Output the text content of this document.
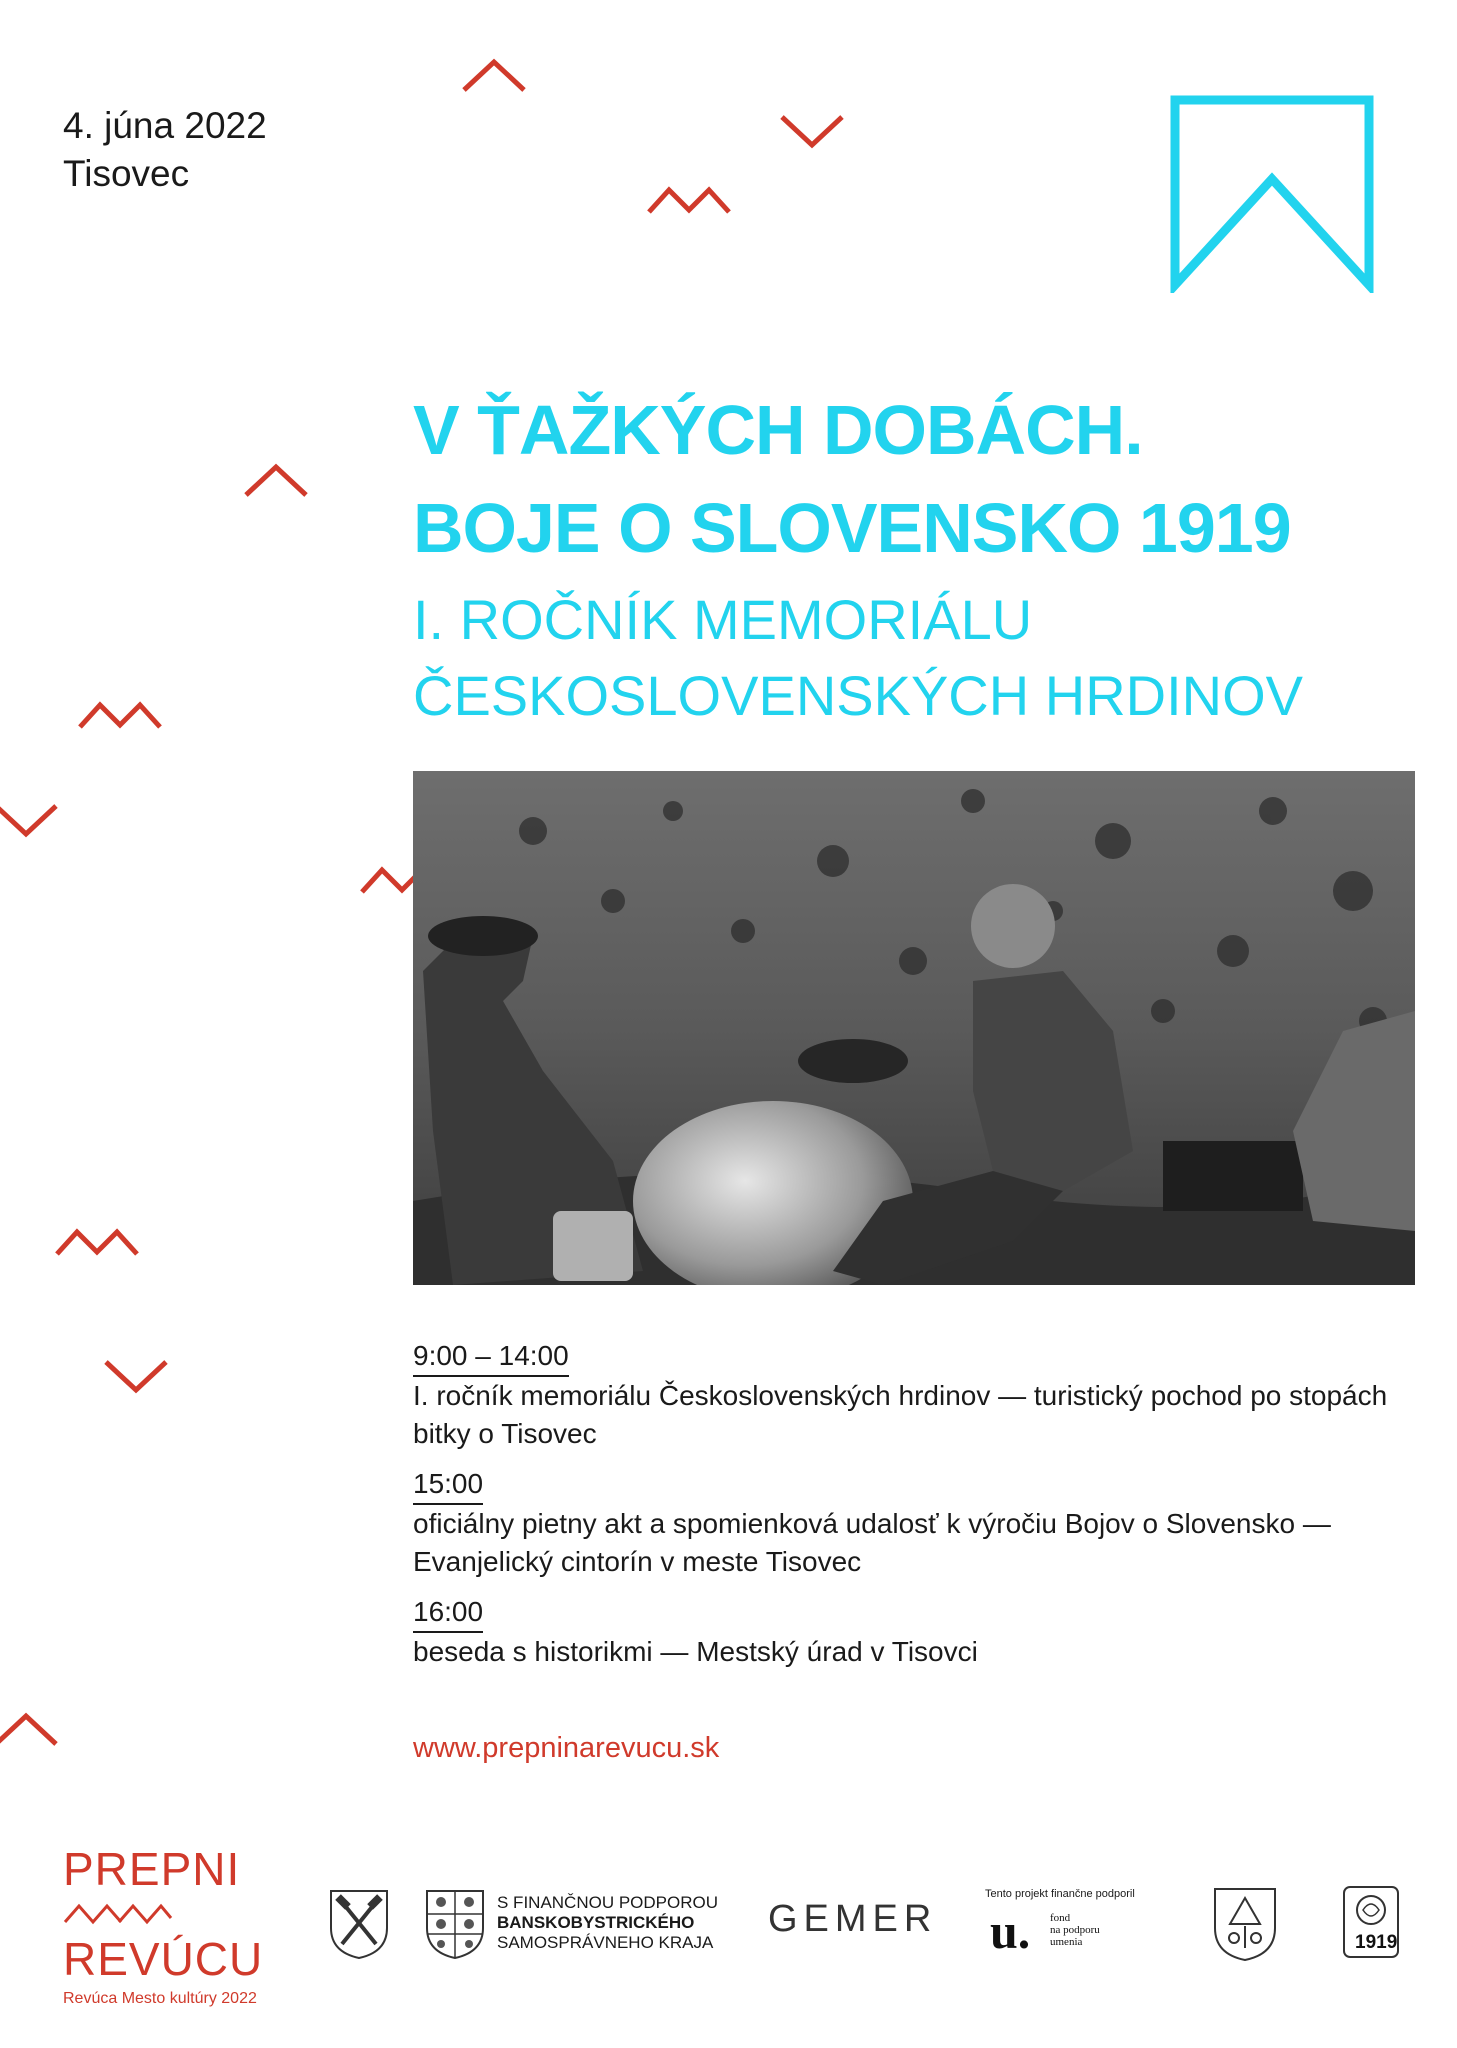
4. júna 2022
Tisovec
V ŤAŽKÝCH DOBÁCH.
BOJE O SLOVENSKO 1919
I. ROČNÍK MEMORIÁLU
ČESKOSLOVENSKÝCH HRDINOV
9:00 – 14:00
I. ročník memoriálu Československých hrdinov — turistický pochod po stopách bitky o Tisovec
15:00
oficiálny pietny akt a spomienková udalosť k výročiu Bojov o Slovensko — Evanjelický cintorín v meste Tisovec
16:00
beseda s historikmi — Mestský úrad v Tisovci
www.prepninarevucu.sk
PREPNI
REVÚCU
Revúca Mesto kultúry 2022
S FINANČNOU PODPOROU
BANSKOBYSTRICKÉHO
SAMOSPRÁVNEHO KRAJA
GEMER
Tento projekt finančne podporil
u. fond
na podporu
umenia	1919
